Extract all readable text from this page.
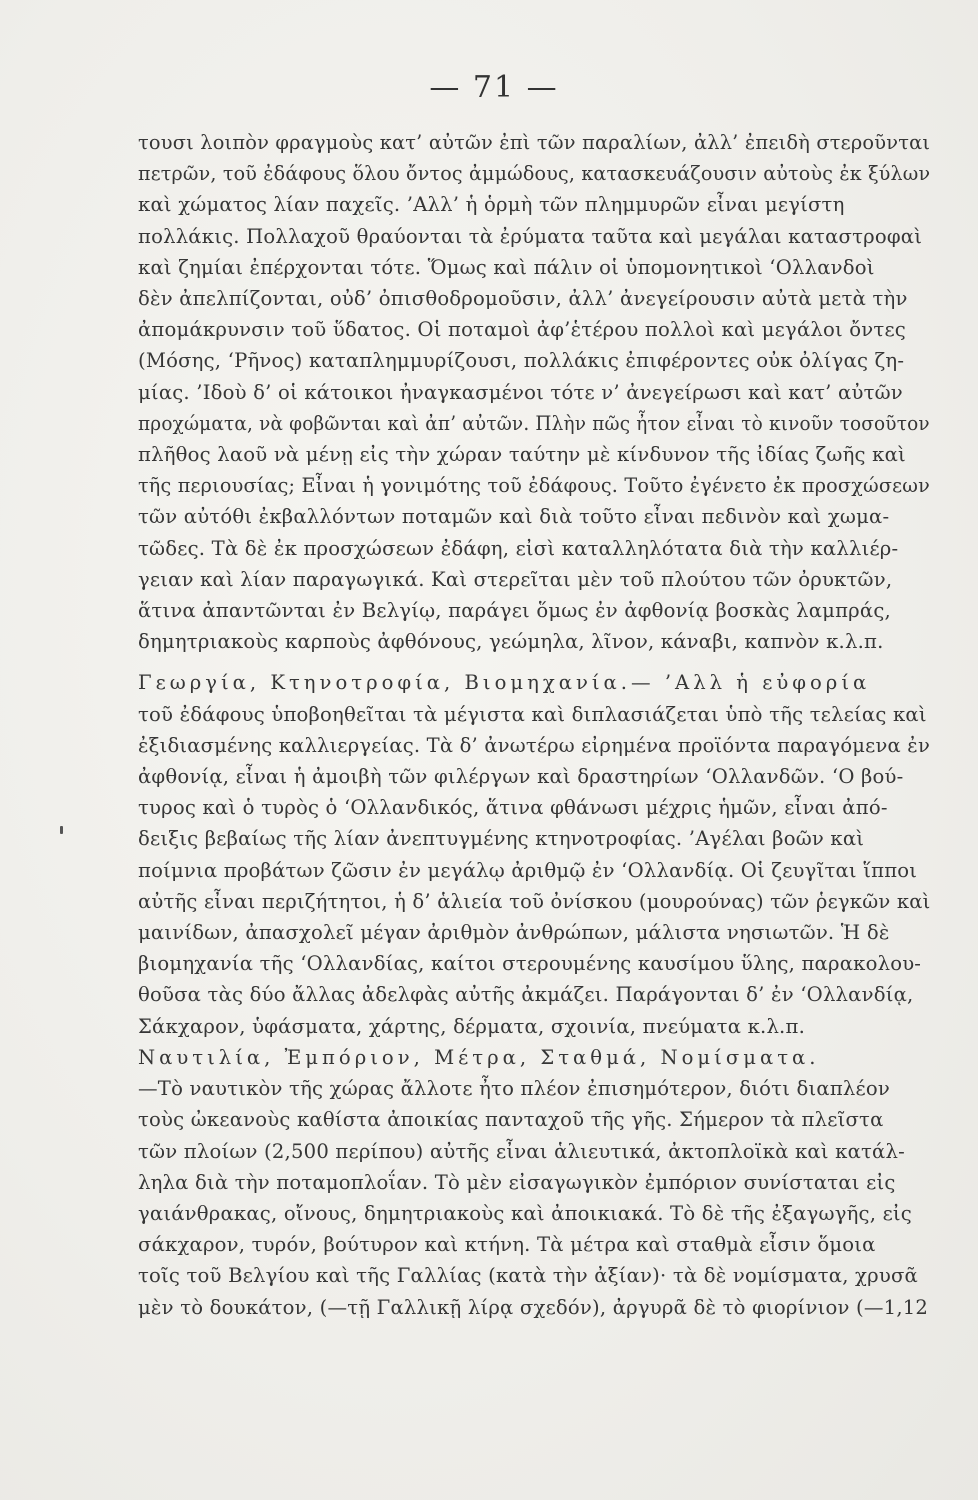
— 71 —
τουσι λοιπὸν φραγμοὺς κατ’ αὐτῶν ἐπὶ τῶν παραλίων, ἀλλ’ ἐπειδὴ στεροῦνται
πετρῶν, τοῦ ἐδάφους ὅλου ὄντος ἀμμώδους, κατασκευάζουσιν αὐτοὺς ἐκ ξύλων
καὶ χώματος λίαν παχεῖς. ’Αλλ’ ἡ ὁρμὴ τῶν πλημμυρῶν εἶναι μεγίστη
πολλάκις. Πολλαχοῦ θραύονται τὰ ἐρύματα ταῦτα καὶ μεγάλαι καταστροφαὶ
καὶ ζημίαι ἐπέρχονται τότε. Ὅμως καὶ πάλιν οἱ ὑπομονητικοὶ ‘Ολλανδοὶ
δὲν ἀπελπίζονται, οὐδ’ ὀπισθοδρομοῦσιν, ἀλλ’ ἀνεγείρουσιν αὐτὰ μετὰ τὴν
ἀπομάκρυνσιν τοῦ ὕδατος. Οἱ ποταμοὶ ἀφ’ἑτέρου πολλοὶ καὶ μεγάλοι ὄντες
(Μόσης, ‘Ρῆνος) καταπλημμυρίζουσι, πολλάκις ἐπιφέροντες οὐκ ὀλίγας ζη-
μίας. ’Ιδοὺ δ’ οἱ κάτοικοι ἠναγκασμένοι τότε ν’ ἀνεγείρωσι καὶ κατ’ αὐτῶν
προχώματα, νὰ φοβῶνται καὶ ἀπ’ αὐτῶν. Πλὴν πῶς ἦτον εἶναι τὸ κινοῦν τοσοῦτον
πλῆθος λαοῦ νὰ μένῃ εἰς τὴν χώραν ταύτην μὲ κίνδυνον τῆς ἰδίας ζωῆς καὶ
τῆς περιουσίας; Εἶναι ἡ γονιμότης τοῦ ἐδάφους. Τοῦτο ἐγένετο ἐκ προσχώσεων
τῶν αὐτόθι ἐκβαλλόντων ποταμῶν καὶ διὰ τοῦτο εἶναι πεδινὸν καὶ χωμα-
τῶδες. Τὰ δὲ ἐκ προσχώσεων ἐδάφη, εἰσὶ καταλληλότατα διὰ τὴν καλλιέρ-
γειαν καὶ λίαν παραγωγικά. Καὶ στερεῖται μὲν τοῦ πλούτου τῶν ὀρυκτῶν,
ἅτινα ἀπαντῶνται ἐν Βελγίῳ, παράγει ὅμως ἐν ἀφθονίᾳ βοσκὰς λαμπράς,
δημητριακοὺς καρποὺς ἀφθόνους, γεώμηλα, λῖνον, κάναβι, καπνὸν κ.λ.π.
Γεωργία, Κτηνοτροφία, Βιομηχανία.— ’Αλλ ἡ εὐφορία
τοῦ ἐδάφους ὑποβοηθεῖται τὰ μέγιστα καὶ διπλασιάζεται ὑπὸ τῆς τελείας καὶ
ἐξιδιασμένης καλλιεργείας. Τὰ δ’ ἀνωτέρω εἰρημένα προϊόντα παραγόμενα ἐν
ἀφθονίᾳ, εἶναι ἡ ἀμοιβὴ τῶν φιλέργων καὶ δραστηρίων ‘Ολλανδῶν. ‘Ο βού-
τυρος καὶ ὁ τυρὸς ὁ ‘Ολλανδικός, ἅτινα φθάνωσι μέχρις ἡμῶν, εἶναι ἀπό-
δειξις βεβαίως τῆς λίαν ἀνεπτυγμένης κτηνοτροφίας. ’Αγέλαι βοῶν καὶ
ποίμνια προβάτων ζῶσιν ἐν μεγάλῳ ἀριθμῷ ἐν ‘Ολλανδίᾳ. Οἱ ζευγῖται ἵπποι
αὐτῆς εἶναι περιζήτητοι, ἡ δ’ ἁλιεία τοῦ ὀνίσκου (μουρούνας) τῶν ῥεγκῶν καὶ
μαινίδων, ἀπασχολεῖ μέγαν ἀριθμὸν ἀνθρώπων, μάλιστα νησιωτῶν. Ἡ δὲ
βιομηχανία τῆς ‘Ολλανδίας, καίτοι στερουμένης καυσίμου ὕλης, παρακολου-
θοῦσα τὰς δύο ἄλλας ἀδελφὰς αὐτῆς ἀκμάζει. Παράγονται δ’ ἐν ‘Ολλανδίᾳ,
Σάκχαρον, ὑφάσματα, χάρτης, δέρματα, σχοινία, πνεύματα κ.λ.π.
Ναυτιλία, Ἐμπόριον, Μέτρα, Σταθμά, Νομίσματα.
—Τὸ ναυτικὸν τῆς χώρας ἄλλοτε ἦτο πλέον ἐπισημότερον, διότι διαπλέον
τοὺς ὠκεανοὺς καθίστα ἀποικίας πανταχοῦ τῆς γῆς. Σήμερον τὰ πλεῖστα
τῶν πλοίων (2,500 περίπου) αὐτῆς εἶναι ἁλιευτικά, ἀκτοπλοϊκὰ καὶ κατάλ-
ληλα διὰ τὴν ποταμοπλοΐαν. Τὸ μὲν εἰσαγωγικὸν ἐμπόριον συνίσταται εἰς
γαιάνθρακας, οἴνους, δημητριακοὺς καὶ ἀποικιακά. Τὸ δὲ τῆς ἐξαγωγῆς, εἰς
σάκχαρον, τυρόν, βούτυρον καὶ κτήνη. Τὰ μέτρα καὶ σταθμὰ εἶσιν ὅμοια
τοῖς τοῦ Βελγίου καὶ τῆς Γαλλίας (κατὰ τὴν ἀξίαν)· τὰ δὲ νομίσματα, χρυσᾶ
μὲν τὸ δουκάτον, (—τῇ Γαλλικῇ λίρᾳ σχεδόν), ἀργυρᾶ δὲ τὸ φιορίνιον (—1,12
